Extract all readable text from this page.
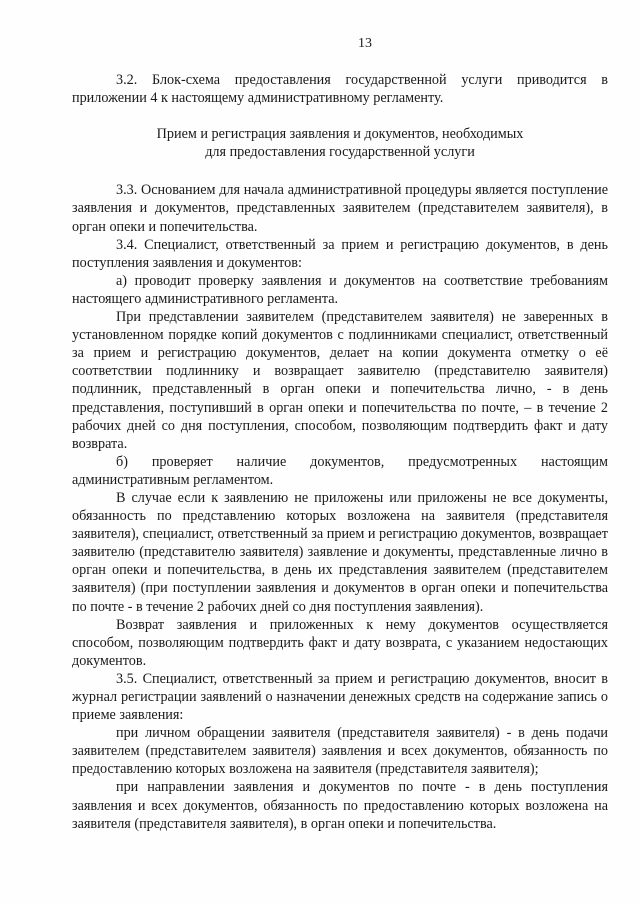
13

3.2. Блок-схема предоставления государственной услуги приводится в приложении 4 к настоящему административному регламенту.

Прием и регистрация заявления и документов, необходимых
для предоставления государственной услуги

3.3. Основанием для начала административной процедуры является поступление заявления и документов, представленных заявителем (представителем заявителя), в орган опеки и попечительства.

3.4. Специалист, ответственный за прием и регистрацию документов, в день поступления заявления и документов:

а) проводит проверку заявления и документов на соответствие требованиям настоящего административного регламента.

При представлении заявителем (представителем заявителя) не заверенных в установленном порядке копий документов с подлинниками специалист, ответственный за прием и регистрацию документов, делает на копии документа отметку о её соответствии подлиннику и возвращает заявителю (представителю заявителя) подлинник, представленный в орган опеки и попечительства лично, - в день представления, поступивший в орган опеки и попечительства по почте, – в течение 2 рабочих дней со дня поступления, способом, позволяющим подтвердить факт и дату возврата.

б) проверяет наличие документов, предусмотренных настоящим административным регламентом.

В случае если к заявлению не приложены или приложены не все документы, обязанность по представлению которых возложена на заявителя (представителя заявителя), специалист, ответственный за прием и регистрацию документов, возвращает заявителю (представителю заявителя) заявление и документы, представленные лично в орган опеки и попечительства, в день их представления заявителем (представителем заявителя) (при поступлении заявления и документов в орган опеки и попечительства по почте - в течение 2 рабочих дней со дня поступления заявления).

Возврат заявления и приложенных к нему документов осуществляется способом, позволяющим подтвердить факт и дату возврата, с указанием недостающих документов.

3.5. Специалист, ответственный за прием и регистрацию документов, вносит в журнал регистрации заявлений о назначении денежных средств на содержание запись о приеме заявления:

при личном обращении заявителя (представителя заявителя) - в день подачи заявителем (представителем заявителя) заявления и всех документов, обязанность по предоставлению которых возложена на заявителя (представителя заявителя);

при направлении заявления и документов по почте - в день поступления заявления и всех документов, обязанность по предоставлению которых возложена на заявителя (представителя заявителя), в орган опеки и попечительства.
